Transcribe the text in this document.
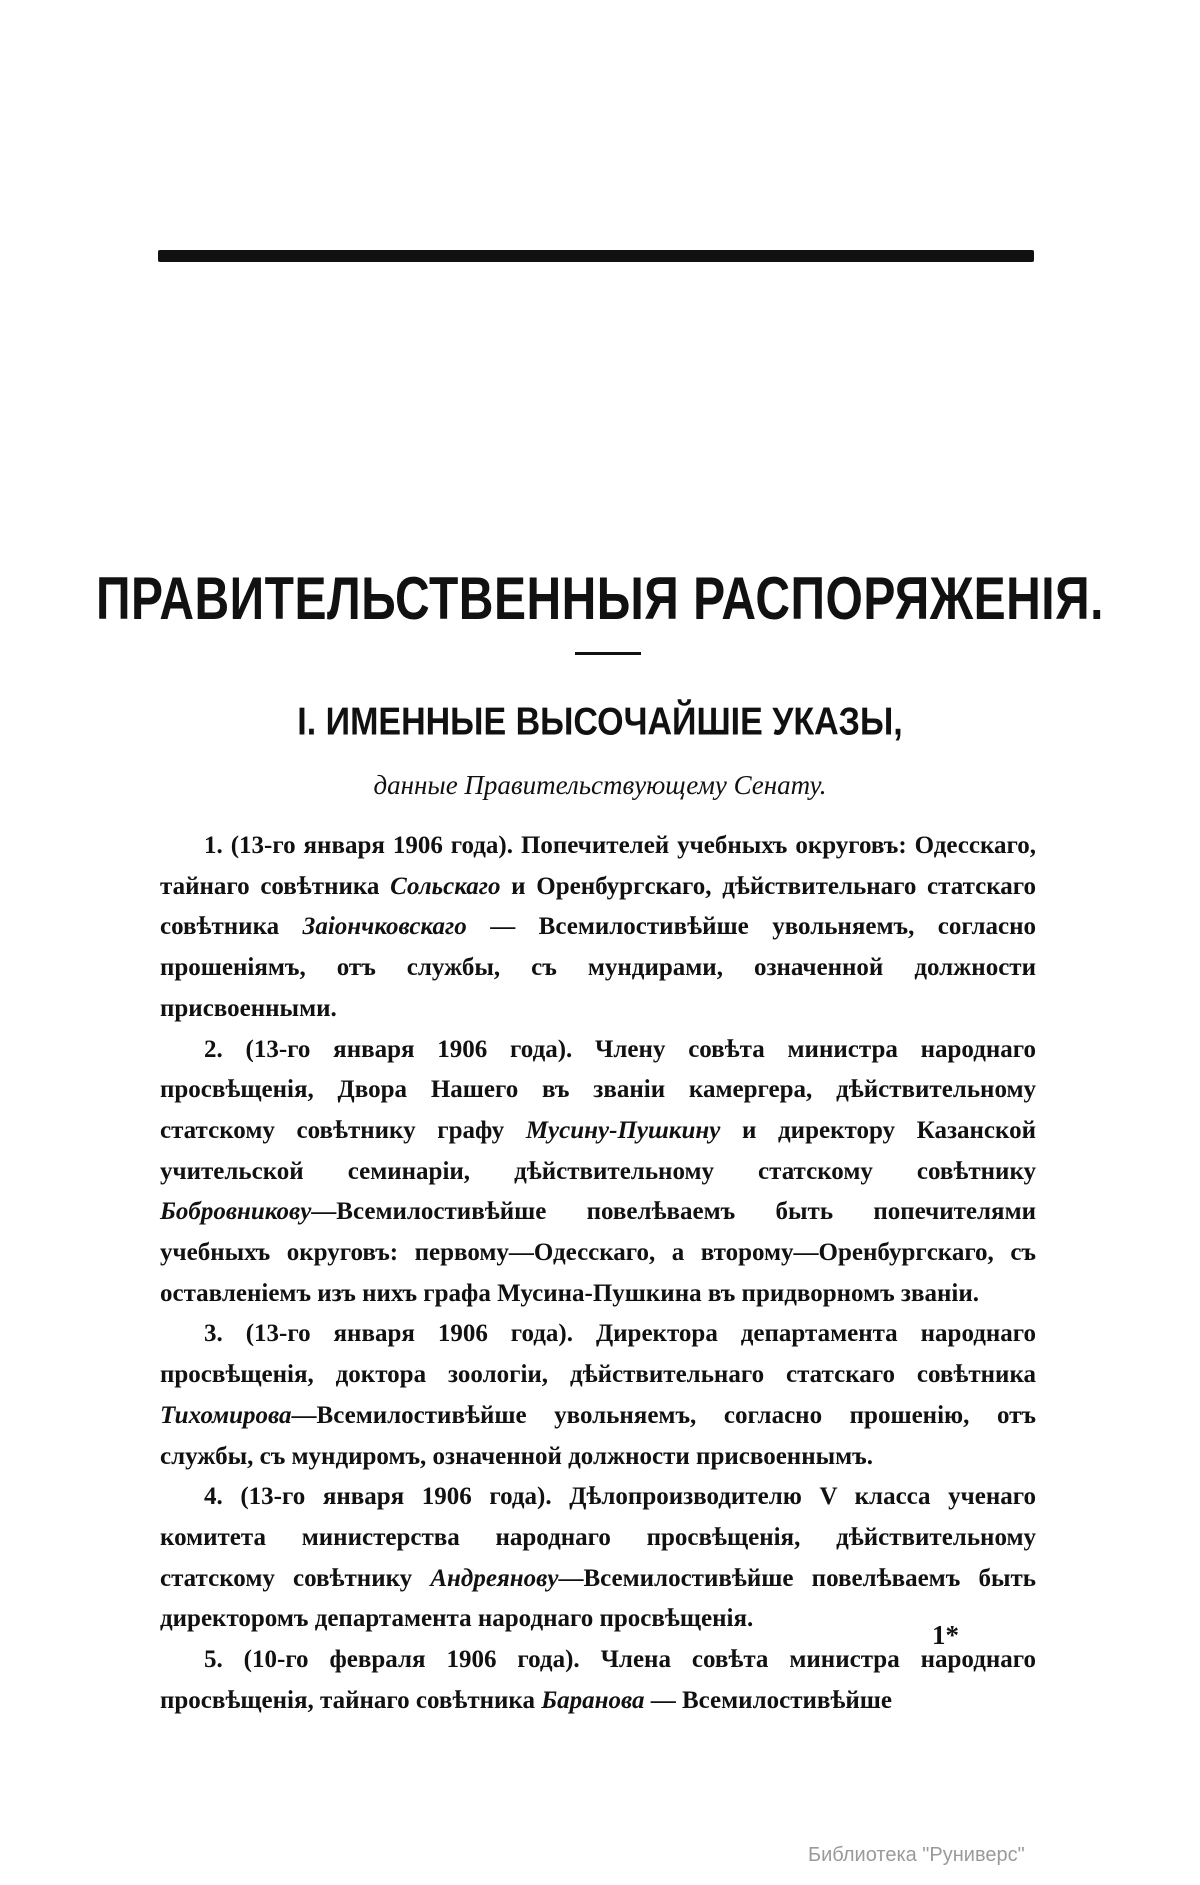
ПРАВИТЕЛЬСТВЕННЫЯ РАСПОРЯЖЕНІЯ.
I. ИМЕННЫЕ ВЫСОЧАЙШІЕ УКАЗЫ,
данные Правительствующему Сенату.

1. (13-го января 1906 года). Попечителей учебныхъ округовъ: Одесскаго, тайнаго совѣтника Сольскаго и Оренбургскаго, дѣйствительнаго статскаго совѣтника Заіончковскаго — Всемилостивѣйше увольняемъ, согласно прошеніямъ, отъ службы, съ мундирами, означенной должности присвоенными.

2. (13-го января 1906 года). Члену совѣта министра народнаго просвѣщенія, Двора Нашего въ званіи камергера, дѣйствительному статскому совѣтнику графу Мусину-Пушкину и директору Казанской учительской семинаріи, дѣйствительному статскому совѣтнику Бобровникову—Всемилостивѣйше повелѣваемъ быть попечителями учебныхъ округовъ: первому—Одесскаго, а второму—Оренбургскаго, съ оставленіемъ изъ нихъ графа Мусина-Пушкина въ придворномъ званіи.

3. (13-го января 1906 года). Директора департамента народнаго просвѣщенія, доктора зоологіи, дѣйствительнаго статскаго совѣтника Тихомирова—Всемилостивѣйше увольняемъ, согласно прошенію, отъ службы, съ мундиромъ, означенной должности присвоеннымъ.

4. (13-го января 1906 года). Дѣлопроизводителю V класса ученаго комитета министерства народнаго просвѣщенія, дѣйствительному статскому совѣтнику Андреянову—Всемилостивѣйше повелѣваемъ быть директоромъ департамента народнаго просвѣщенія.

5. (10-го февраля 1906 года). Члена совѣта министра народнаго просвѣщенія, тайнаго совѣтника Баранова — Всемилостивѣйше

1*
Библиотека "Руниверс"
